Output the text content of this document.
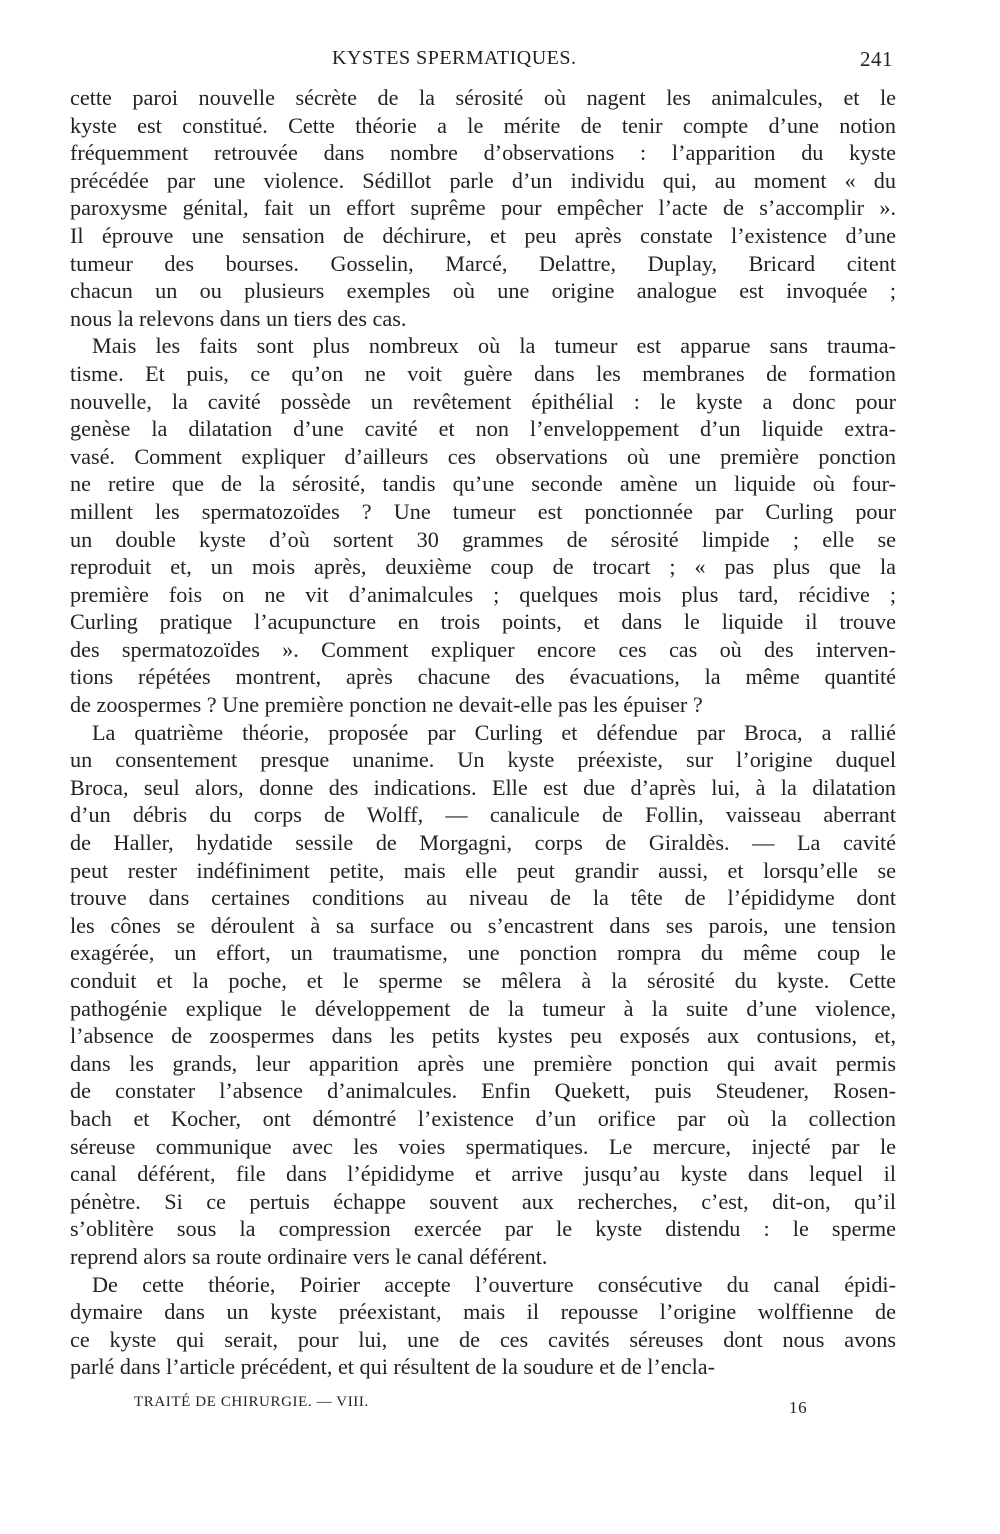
KYSTES SPERMATIQUES.	241
cette paroi nouvelle sécrète de la sérosité où nagent les animalcules, et le
kyste est constitué. Cette théorie a le mérite de tenir compte d’une notion
fréquemment retrouvée dans nombre d’observations : l’apparition du kyste
précédée par une violence. Sédillot parle d’un individu qui, au moment « du
paroxysme génital, fait un effort suprême pour empêcher l’acte de s’accomplir ».
Il éprouve une sensation de déchirure, et peu après constate l’existence d’une
tumeur des bourses. Gosselin, Marcé, Delattre, Duplay, Bricard citent
chacun un ou plusieurs exemples où une origine analogue est invoquée ;
nous la relevons dans un tiers des cas.
Mais les faits sont plus nombreux où la tumeur est apparue sans trauma-
tisme. Et puis, ce qu’on ne voit guère dans les membranes de formation
nouvelle, la cavité possède un revêtement épithélial : le kyste a donc pour
genèse la dilatation d’une cavité et non l’enveloppement d’un liquide extra-
vasé. Comment expliquer d’ailleurs ces observations où une première ponction
ne retire que de la sérosité, tandis qu’une seconde amène un liquide où four-
millent les spermatozoïdes ? Une tumeur est ponctionnée par Curling pour
un double kyste d’où sortent 30 grammes de sérosité limpide ; elle se
reproduit et, un mois après, deuxième coup de trocart ; « pas plus que la
première fois on ne vit d’animalcules ; quelques mois plus tard, récidive ;
Curling pratique l’acupuncture en trois points, et dans le liquide il trouve
des spermatozoïdes ». Comment expliquer encore ces cas où des interven-
tions répétées montrent, après chacune des évacuations, la même quantité
de zoospermes ? Une première ponction ne devait-elle pas les épuiser ?
La quatrième théorie, proposée par Curling et défendue par Broca, a rallié
un consentement presque unanime. Un kyste préexiste, sur l’origine duquel
Broca, seul alors, donne des indications. Elle est due d’après lui, à la dilatation
d’un débris du corps de Wolff, — canalicule de Follin, vaisseau aberrant
de Haller, hydatide sessile de Morgagni, corps de Giraldès. — La cavité
peut rester indéfiniment petite, mais elle peut grandir aussi, et lorsqu’elle se
trouve dans certaines conditions au niveau de la tête de l’épididyme dont
les cônes se déroulent à sa surface ou s’encastrent dans ses parois, une tension
exagérée, un effort, un traumatisme, une ponction rompra du même coup le
conduit et la poche, et le sperme se mêlera à la sérosité du kyste. Cette
pathogénie explique le développement de la tumeur à la suite d’une violence,
l’absence de zoospermes dans les petits kystes peu exposés aux contusions, et,
dans les grands, leur apparition après une première ponction qui avait permis
de constater l’absence d’animalcules. Enfin Quekett, puis Steudener, Rosen-
bach et Kocher, ont démontré l’existence d’un orifice par où la collection
séreuse communique avec les voies spermatiques. Le mercure, injecté par le
canal déférent, file dans l’épididyme et arrive jusqu’au kyste dans lequel il
pénètre. Si ce pertuis échappe souvent aux recherches, c’est, dit-on, qu’il
s’oblitère sous la compression exercée par le kyste distendu : le sperme
reprend alors sa route ordinaire vers le canal déférent.
De cette théorie, Poirier accepte l’ouverture consécutive du canal épidi-
dymaire dans un kyste préexistant, mais il repousse l’origine wolffienne de
ce kyste qui serait, pour lui, une de ces cavités séreuses dont nous avons
parlé dans l’article précédent, et qui résultent de la soudure et de l’encla-
TRAITÉ DE CHIRURGIE. — VIII.	16
